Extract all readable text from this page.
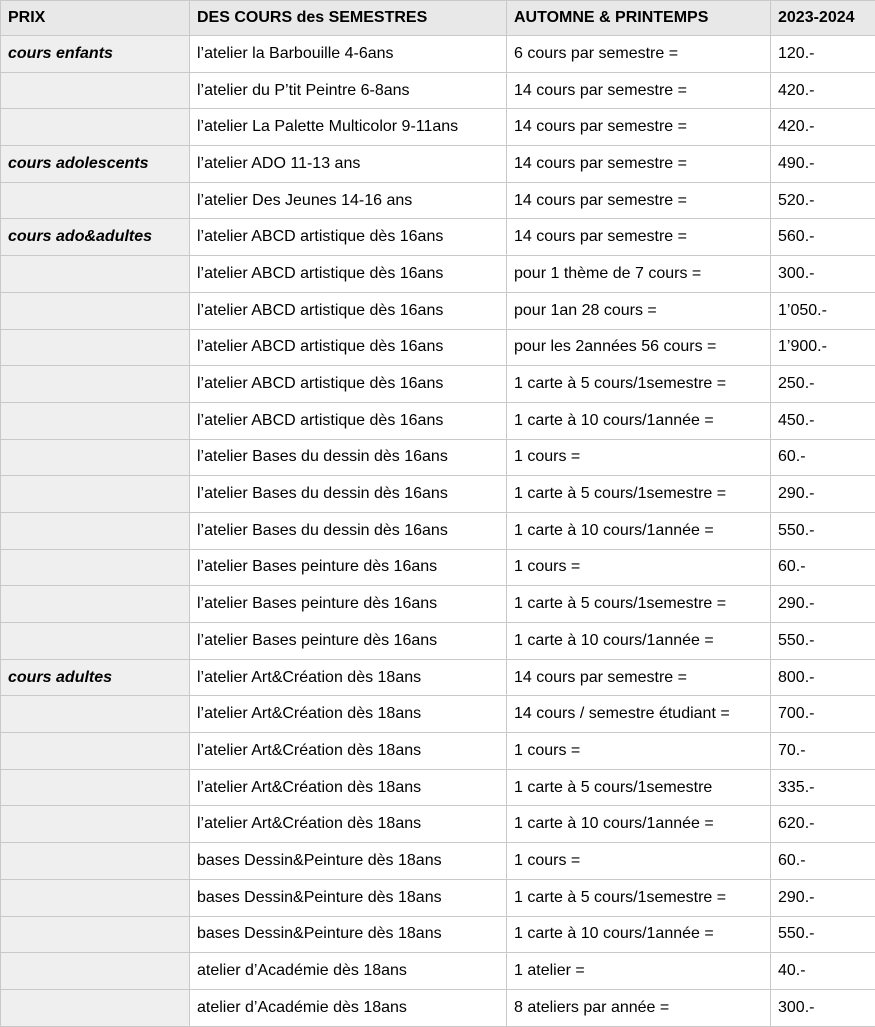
PRIX	DES COURS des SEMESTRES	AUTOMNE & PRINTEMPS	2023-2024
cours enfants	l’atelier la Barbouille 4-6ans	6 cours par semestre =	120.-
	l’atelier du P’tit Peintre 6-8ans	14 cours par semestre =	420.-
	l’atelier La Palette Multicolor 9-11ans	14 cours par semestre =	420.-
cours adolescents	l’atelier ADO 11-13 ans	14 cours par semestre =	490.-
	l’atelier Des Jeunes 14-16 ans	14 cours par semestre =	520.-
cours ado&adultes	l’atelier ABCD artistique dès 16ans	14 cours par semestre =	560.-
	l’atelier ABCD artistique dès 16ans	pour 1 thème de 7 cours =	300.-
	l’atelier ABCD artistique dès 16ans	pour 1an 28 cours =	1’050.-
	l’atelier ABCD artistique dès 16ans	pour les 2années 56 cours =	1’900.-
	l’atelier ABCD artistique dès 16ans	1 carte à 5 cours/1semestre =	250.-
	l’atelier ABCD artistique dès 16ans	1 carte à 10 cours/1année =	450.-
	l’atelier Bases du dessin dès 16ans	1 cours =	60.-
	l’atelier Bases du dessin dès 16ans	1 carte à 5 cours/1semestre =	290.-
	l’atelier Bases du dessin dès 16ans	1 carte à 10 cours/1année =	550.-
	l’atelier Bases peinture dès 16ans	1 cours =	60.-
	l’atelier Bases peinture dès 16ans	1 carte à 5 cours/1semestre =	290.-
	l’atelier Bases peinture dès 16ans	1 carte à 10 cours/1année =	550.-
cours adultes	l’atelier Art&Création dès 18ans	14 cours par semestre =	800.-
	l’atelier Art&Création dès 18ans	14 cours / semestre étudiant =	700.-
	l’atelier Art&Création dès 18ans	1 cours =	70.-
	l’atelier Art&Création dès 18ans	1 carte à 5 cours/1semestre	335.-
	l’atelier Art&Création dès 18ans	1 carte à 10 cours/1année =	620.-
	bases Dessin&Peinture dès 18ans	1 cours =	60.-
	bases Dessin&Peinture dès 18ans	1 carte à 5 cours/1semestre =	290.-
	bases Dessin&Peinture dès 18ans	1 carte à 10 cours/1année =	550.-
	atelier d’Académie dès 18ans	1 atelier =	40.-
	atelier d’Académie dès 18ans	8 ateliers par année =	300.-
